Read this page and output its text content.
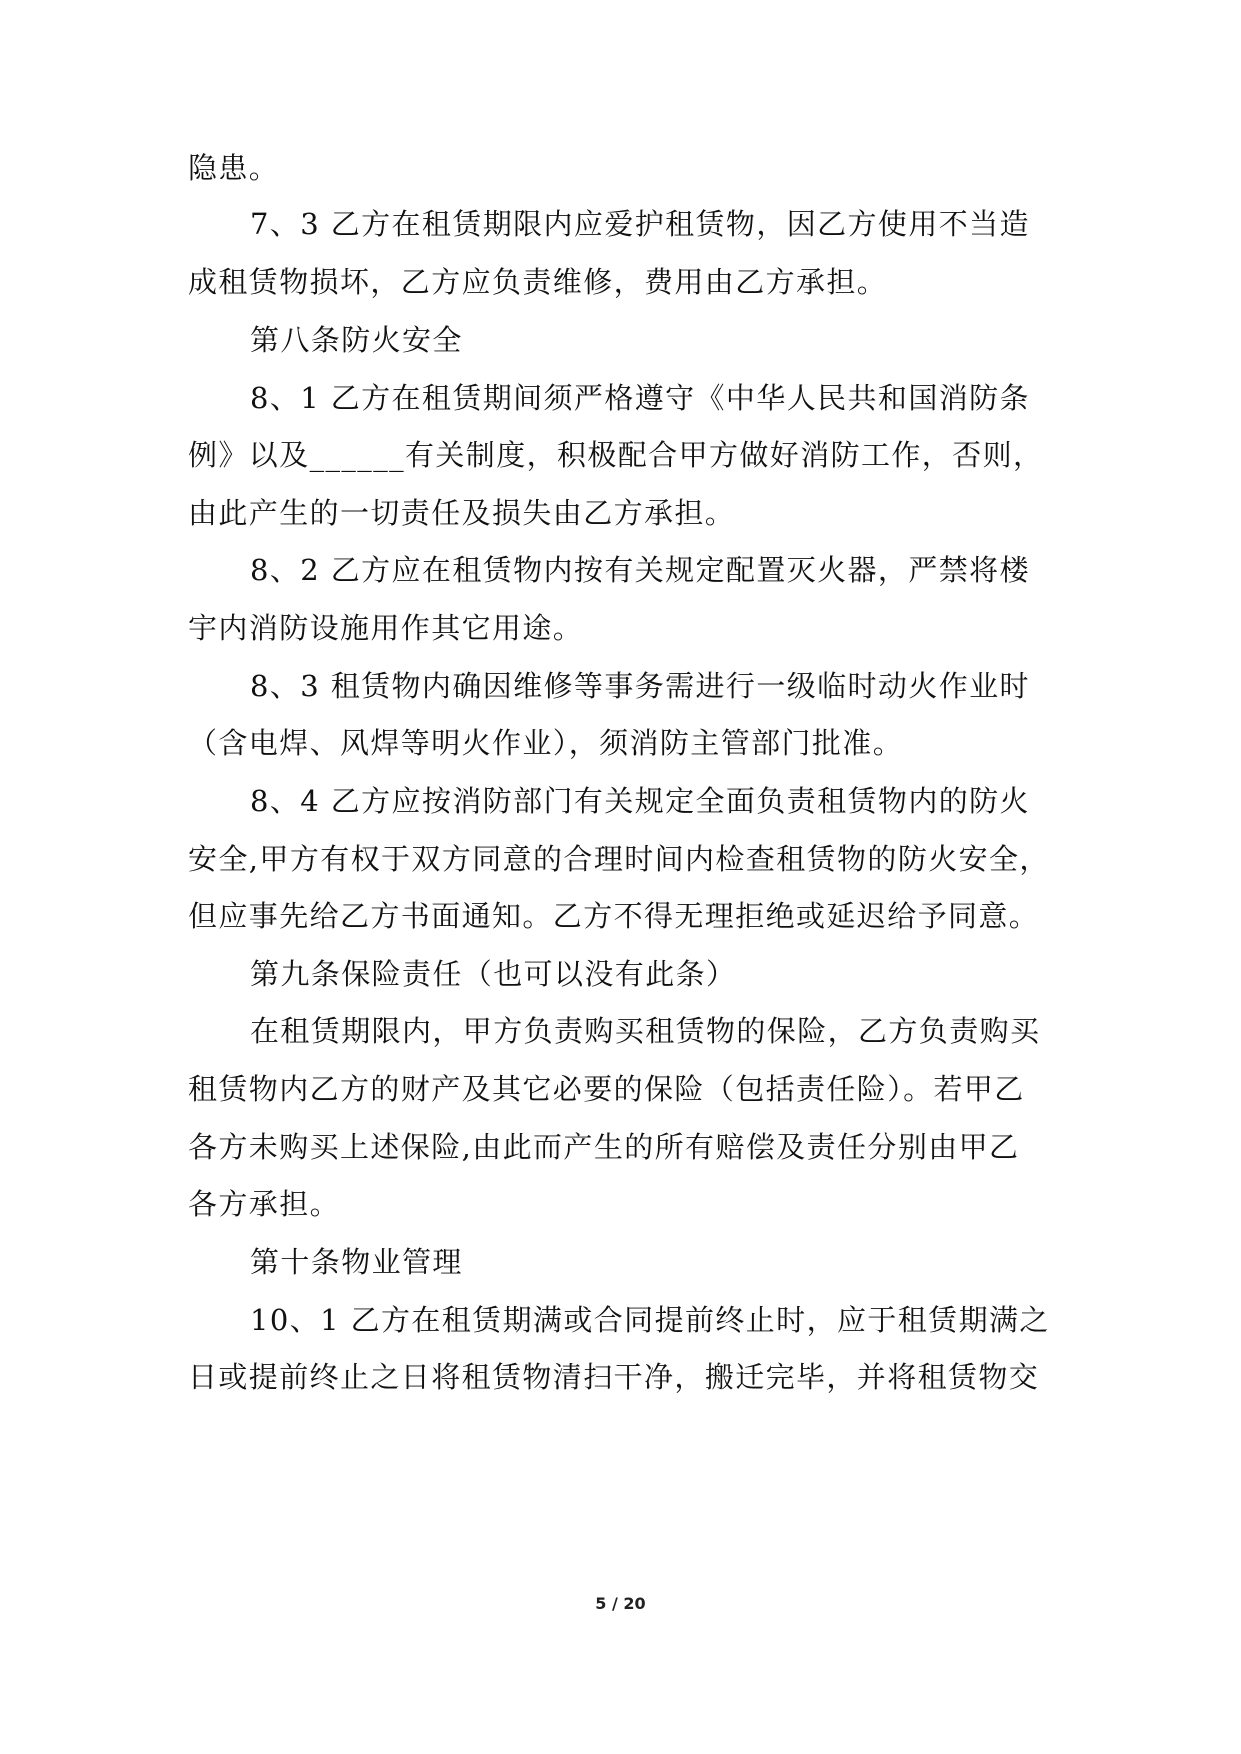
隐患。
7、3 乙方在租赁期限内应爱护租赁物，因乙方使用不当造
成租赁物损坏，乙方应负责维修，费用由乙方承担。
第八条防火安全
8、1 乙方在租赁期间须严格遵守《中华人民共和国消防条
例》以及______有关制度，积极配合甲方做好消防工作，否则，
由此产生的一切责任及损失由乙方承担。
8、2 乙方应在租赁物内按有关规定配置灭火器，严禁将楼
宇内消防设施用作其它用途。
8、3 租赁物内确因维修等事务需进行一级临时动火作业时
（含电焊、风焊等明火作业），须消防主管部门批准。
8、4 乙方应按消防部门有关规定全面负责租赁物内的防火
安全,甲方有权于双方同意的合理时间内检查租赁物的防火安全，
但应事先给乙方书面通知。乙方不得无理拒绝或延迟给予同意。
第九条保险责任（也可以没有此条）
在租赁期限内，甲方负责购买租赁物的保险，乙方负责购买
租赁物内乙方的财产及其它必要的保险（包括责任险）。若甲乙
各方未购买上述保险,由此而产生的所有赔偿及责任分别由甲乙
各方承担。
第十条物业管理
10、1 乙方在租赁期满或合同提前终止时，应于租赁期满之
日或提前终止之日将租赁物清扫干净，搬迁完毕，并将租赁物交
5 / 20
